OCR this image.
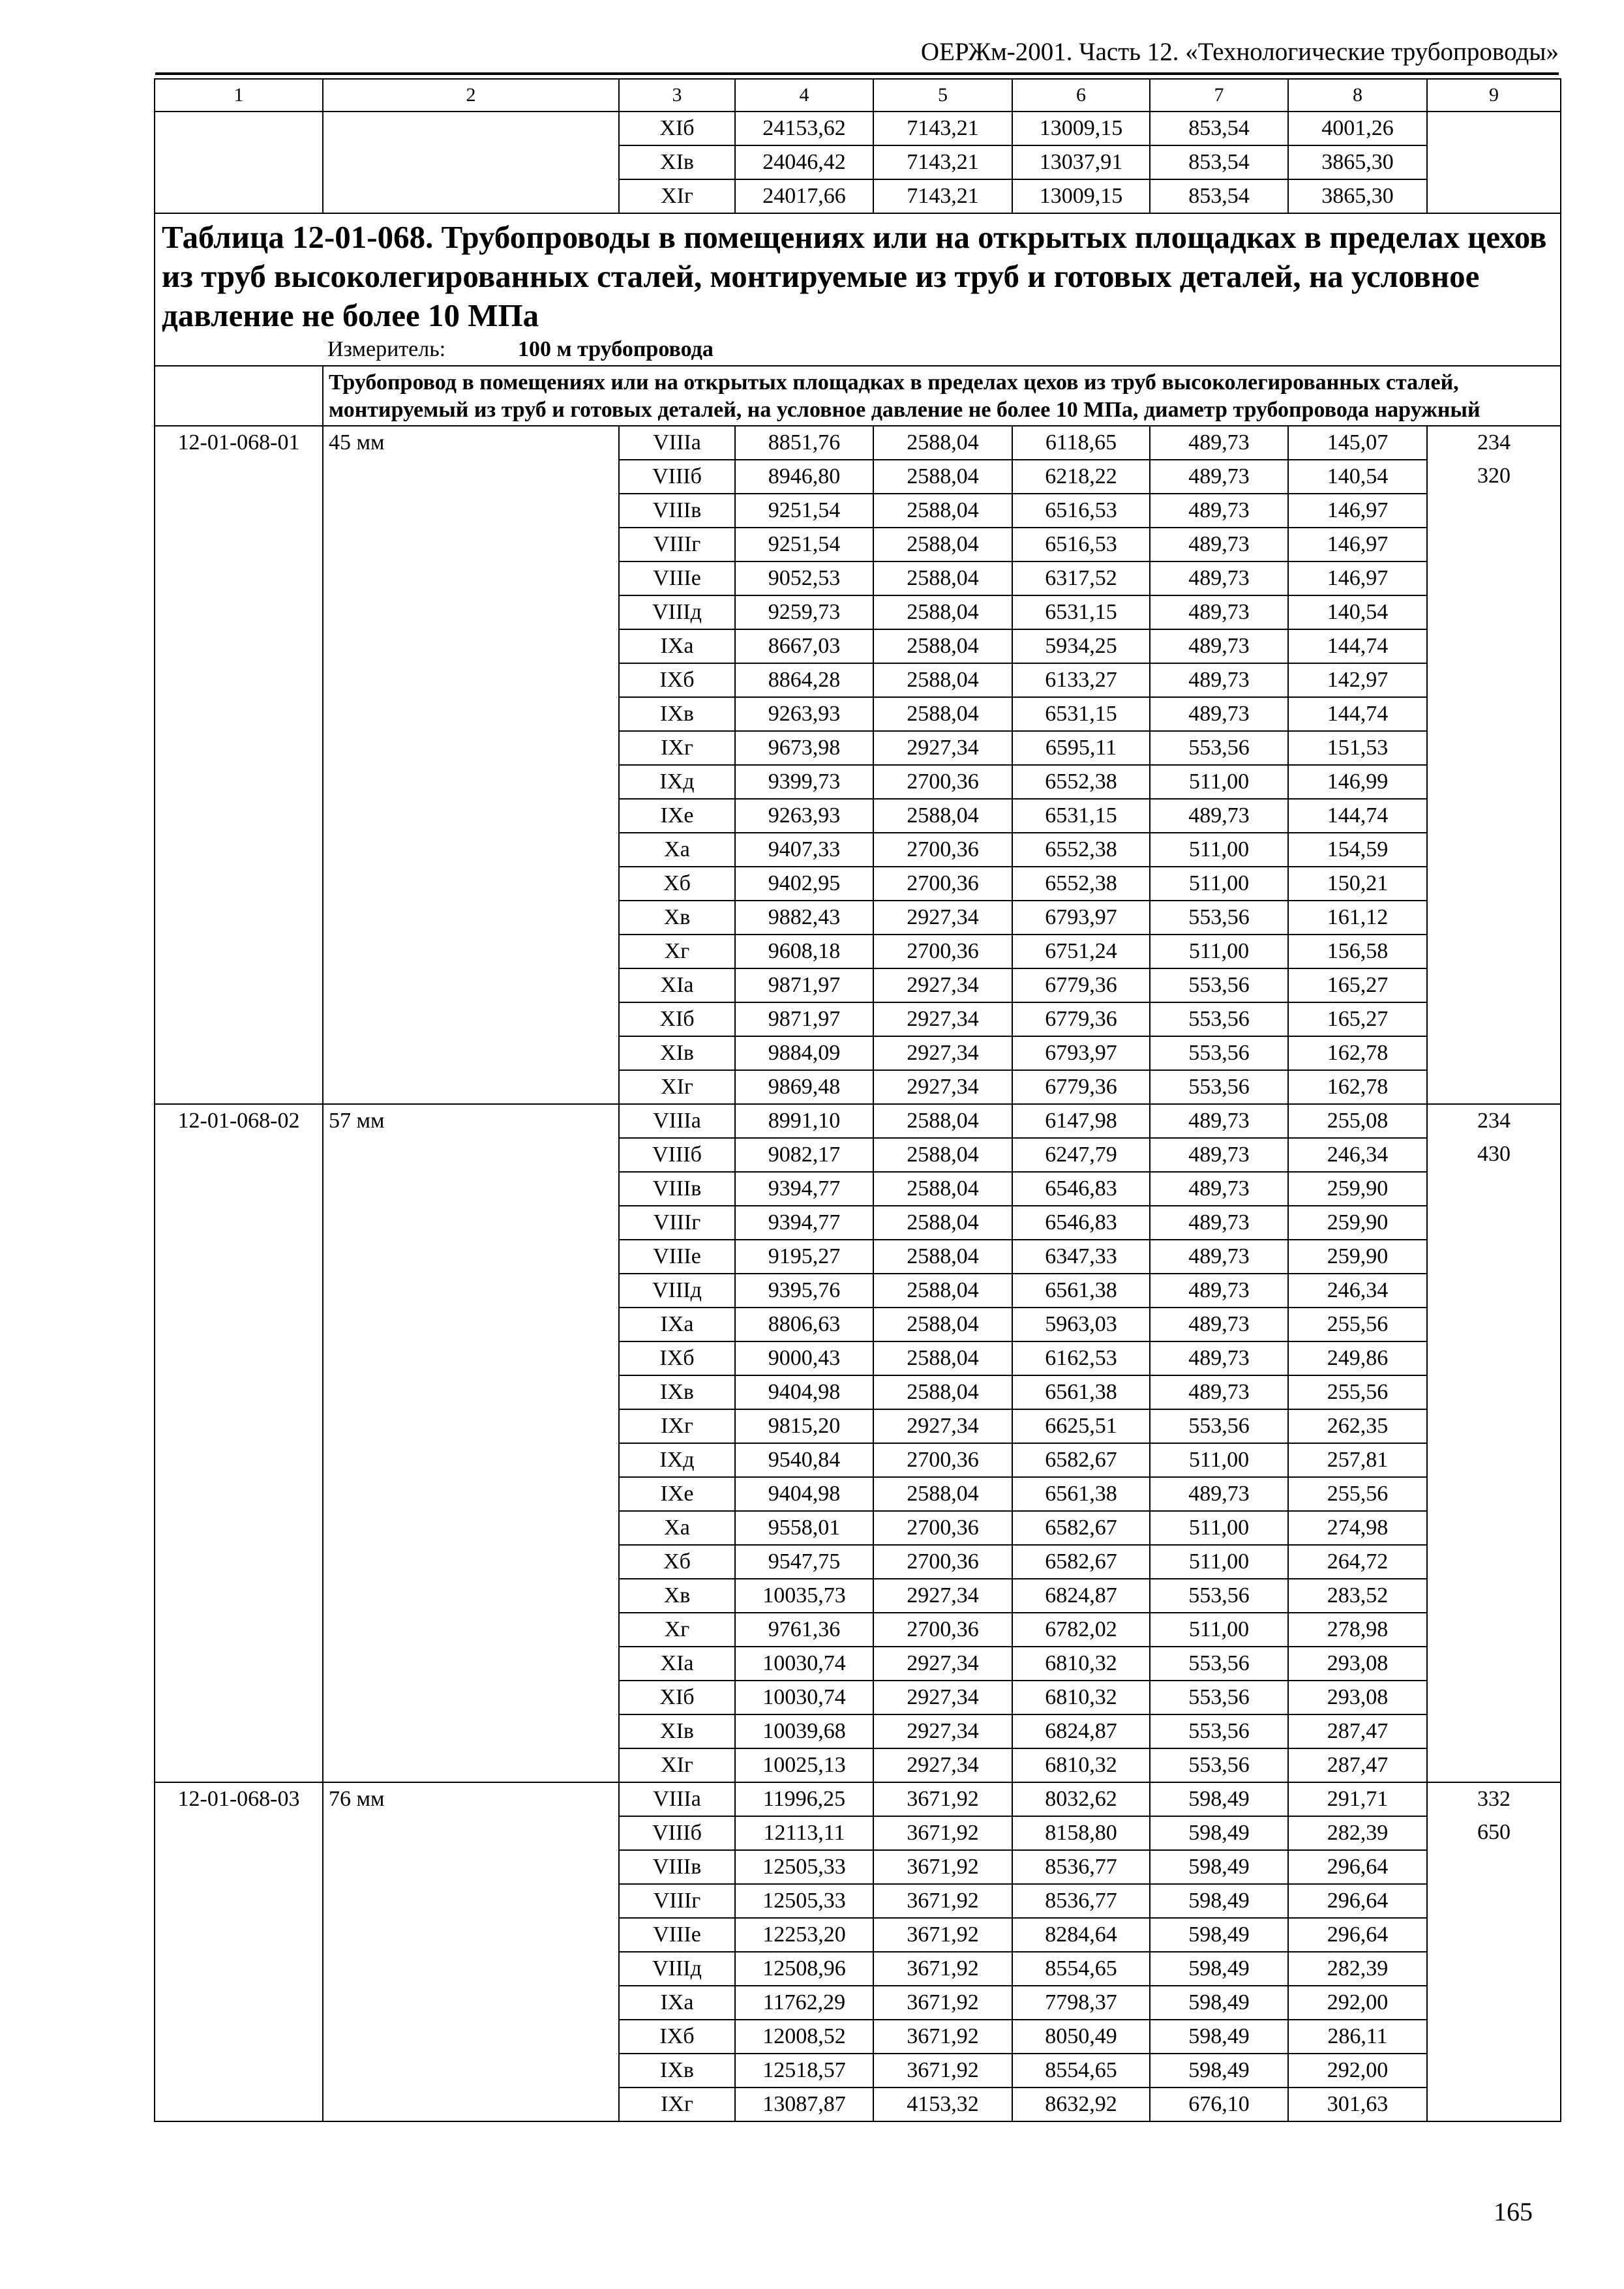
ОЕРЖм-2001. Часть 12. «Технологические трубопроводы»
1	2	3	4	5	6	7	8	9
		XIб	24153,62	7143,21	13009,15	853,54	4001,26	
		XIв	24046,42	7143,21	13037,91	853,54	3865,30	
		XIг	24017,66	7143,21	13009,15	853,54	3865,30	

Таблица 12-01-068. Трубопроводы в помещениях или на открытых площадках в пределах цехов из труб высоколегированных сталей, монтируемые из труб и готовых деталей, на условное давление не более 10 МПа
Измеритель: 100 м трубопровода								

	Трубопровод в помещениях или на открытых площадках в пределах цехов из труб высоколегированных сталей, монтируемый из труб и готовых деталей, на условное давление не более 10 МПа, диаметр трубопровода наружный							
12-01-068-01	45 мм	VIIIа	8851,76	2588,04	6118,65	489,73	145,07	234
		VIIIб	8946,80	2588,04	6218,22	489,73	140,54	320
		VIIIв	9251,54	2588,04	6516,53	489,73	146,97	
		VIIIг	9251,54	2588,04	6516,53	489,73	146,97	
		VIIIе	9052,53	2588,04	6317,52	489,73	146,97	
		VIIIд	9259,73	2588,04	6531,15	489,73	140,54	
		IXа	8667,03	2588,04	5934,25	489,73	144,74	
		IXб	8864,28	2588,04	6133,27	489,73	142,97	
		IXв	9263,93	2588,04	6531,15	489,73	144,74	
		IXг	9673,98	2927,34	6595,11	553,56	151,53	
		IXд	9399,73	2700,36	6552,38	511,00	146,99	
		IXе	9263,93	2588,04	6531,15	489,73	144,74	
		Xа	9407,33	2700,36	6552,38	511,00	154,59	
		Xб	9402,95	2700,36	6552,38	511,00	150,21	
		Xв	9882,43	2927,34	6793,97	553,56	161,12	
		Xг	9608,18	2700,36	6751,24	511,00	156,58	
		XIа	9871,97	2927,34	6779,36	553,56	165,27	
		XIб	9871,97	2927,34	6779,36	553,56	165,27	
		XIв	9884,09	2927,34	6793,97	553,56	162,78	
		XIг	9869,48	2927,34	6779,36	553,56	162,78	
12-01-068-02	57 мм	VIIIа	8991,10	2588,04	6147,98	489,73	255,08	234
		VIIIб	9082,17	2588,04	6247,79	489,73	246,34	430
		VIIIв	9394,77	2588,04	6546,83	489,73	259,90	
		VIIIг	9394,77	2588,04	6546,83	489,73	259,90	
		VIIIе	9195,27	2588,04	6347,33	489,73	259,90	
		VIIIд	9395,76	2588,04	6561,38	489,73	246,34	
		IXа	8806,63	2588,04	5963,03	489,73	255,56	
		IXб	9000,43	2588,04	6162,53	489,73	249,86	
		IXв	9404,98	2588,04	6561,38	489,73	255,56	
		IXг	9815,20	2927,34	6625,51	553,56	262,35	
		IXд	9540,84	2700,36	6582,67	511,00	257,81	
		IXе	9404,98	2588,04	6561,38	489,73	255,56	
		Xа	9558,01	2700,36	6582,67	511,00	274,98	
		Xб	9547,75	2700,36	6582,67	511,00	264,72	
		Xв	10035,73	2927,34	6824,87	553,56	283,52	
		Xг	9761,36	2700,36	6782,02	511,00	278,98	
		XIа	10030,74	2927,34	6810,32	553,56	293,08	
		XIб	10030,74	2927,34	6810,32	553,56	293,08	
		XIв	10039,68	2927,34	6824,87	553,56	287,47	
		XIг	10025,13	2927,34	6810,32	553,56	287,47	
12-01-068-03	76 мм	VIIIа	11996,25	3671,92	8032,62	598,49	291,71	332
		VIIIб	12113,11	3671,92	8158,80	598,49	282,39	650
		VIIIв	12505,33	3671,92	8536,77	598,49	296,64	
		VIIIг	12505,33	3671,92	8536,77	598,49	296,64	
		VIIIе	12253,20	3671,92	8284,64	598,49	296,64	
		VIIIд	12508,96	3671,92	8554,65	598,49	282,39	
		IXа	11762,29	3671,92	7798,37	598,49	292,00	
		IXб	12008,52	3671,92	8050,49	598,49	286,11	
		IXв	12518,57	3671,92	8554,65	598,49	292,00	
		IXг	13087,87	4153,32	8632,92	676,10	301,63	
165
